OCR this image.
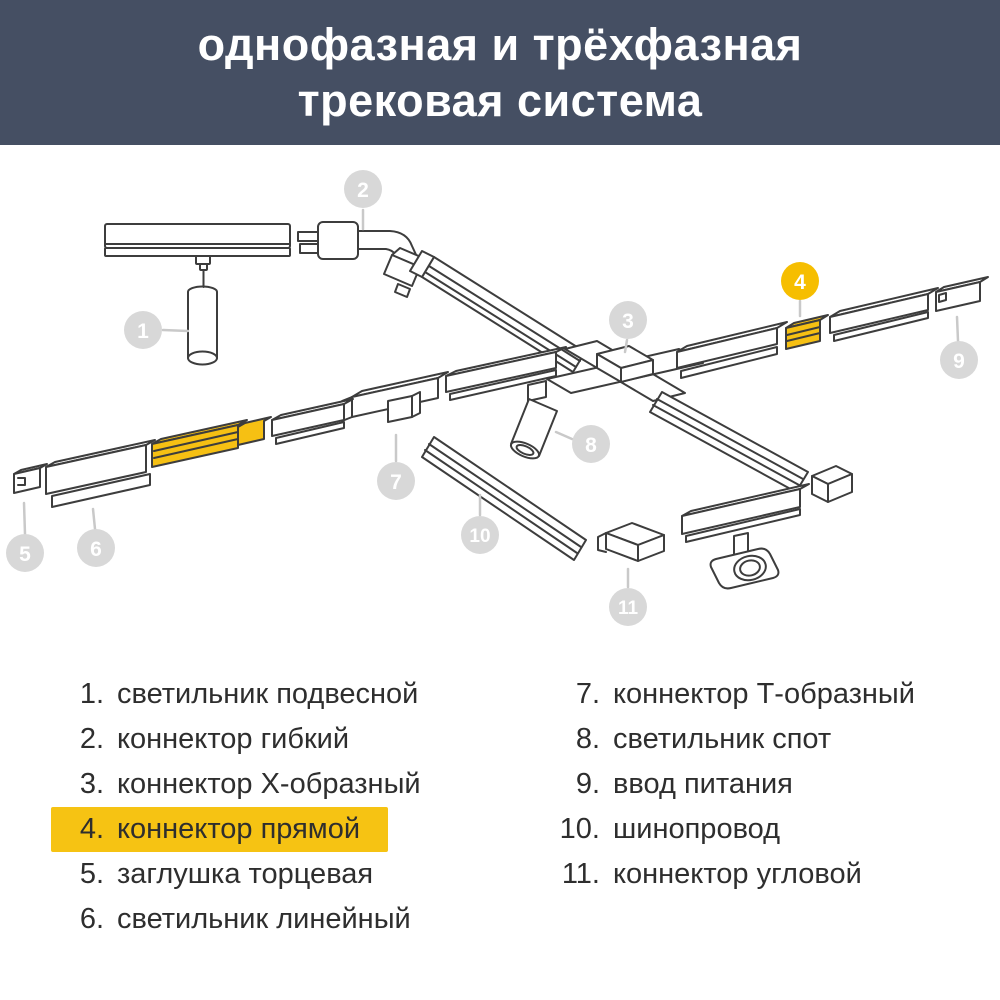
однофазная и трёхфазная
трековая система
1
2
3
4
5	6
7
8
9
10
11
1. светильник подвесной
2. коннектор гибкий
3. коннектор Х-образный
4. коннектор прямой
5. заглушка торцевая
6. светильник линейный
7. коннектор Т-образный
8. светильник спот
9. ввод питания
10. шинопровод
11. коннектор угловой
